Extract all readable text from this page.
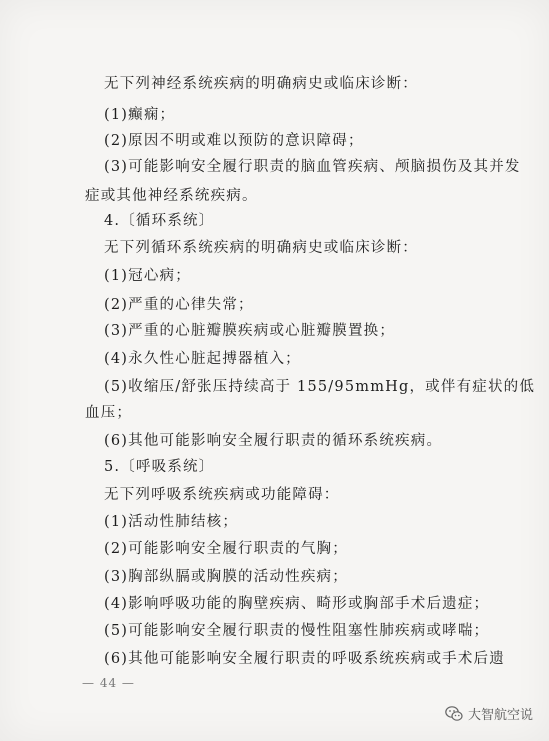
无下列神经系统疾病的明确病史或临床诊断：
(1)癫痫；
(2)原因不明或难以预防的意识障碍；
(3)可能影响安全履行职责的脑血管疾病、颅脑损伤及其并发
症或其他神经系统疾病。
4.〔循环系统〕
无下列循环系统疾病的明确病史或临床诊断：
(1)冠心病；
(2)严重的心律失常；
(3)严重的心脏瓣膜疾病或心脏瓣膜置换；
(4)永久性心脏起搏器植入；
(5)收缩压/舒张压持续高于 155/95mmHg，或伴有症状的低
血压；
(6)其他可能影响安全履行职责的循环系统疾病。
5.〔呼吸系统〕
无下列呼吸系统疾病或功能障碍：
(1)活动性肺结核；
(2)可能影响安全履行职责的气胸；
(3)胸部纵膈或胸膜的活动性疾病；
(4)影响呼吸功能的胸壁疾病、畸形或胸部手术后遗症；
(5)可能影响安全履行职责的慢性阻塞性肺疾病或哮喘；
(6)其他可能影响安全履行职责的呼吸系统疾病或手术后遗
— 44 —
大智航空说
